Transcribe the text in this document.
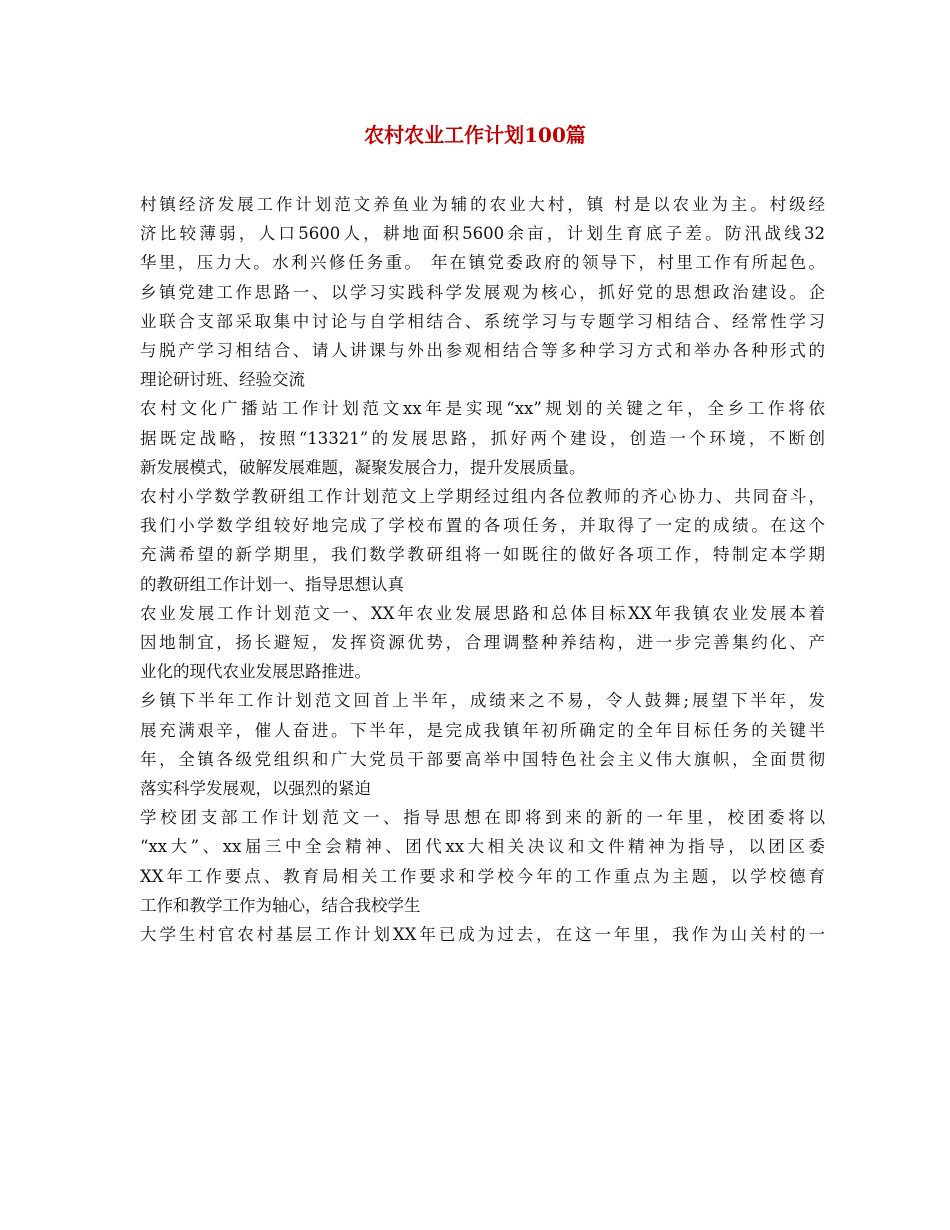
农村农业工作计划100篇
村镇经济发展工作计划范文养鱼业为辅的农业大村，镇 村是以农业为主。村级经
济比较薄弱，人口5600人，耕地面积5600余亩，计划生育底子差。防汛战线32
华里，压力大。水利兴修任务重。 年在镇党委政府的领导下，村里工作有所起色。
乡镇党建工作思路一、以学习实践科学发展观为核心，抓好党的思想政治建设。企
业联合支部采取集中讨论与自学相结合、系统学习与专题学习相结合、经常性学习
与脱产学习相结合、请人讲课与外出参观相结合等多种学习方式和举办各种形式的
理论研讨班、经验交流
农村文化广播站工作计划范文xx年是实现“xx”规划的关键之年，全乡工作将依
据既定战略，按照“13321”的发展思路，抓好两个建设，创造一个环境，不断创
新发展模式，破解发展难题，凝聚发展合力，提升发展质量。
农村小学数学教研组工作计划范文上学期经过组内各位教师的齐心协力、共同奋斗，
我们小学数学组较好地完成了学校布置的各项任务，并取得了一定的成绩。在这个
充满希望的新学期里，我们数学教研组将一如既往的做好各项工作，特制定本学期
的教研组工作计划一、指导思想认真
农业发展工作计划范文一、XX年农业发展思路和总体目标XX年我镇农业发展本着
因地制宜，扬长避短，发挥资源优势，合理调整种养结构，进一步完善集约化、产
业化的现代农业发展思路推进。
乡镇下半年工作计划范文回首上半年，成绩来之不易，令人鼓舞;展望下半年，发
展充满艰辛，催人奋进。下半年，是完成我镇年初所确定的全年目标任务的关键半
年，全镇各级党组织和广大党员干部要高举中国特色社会主义伟大旗帜，全面贯彻
落实科学发展观，以强烈的紧迫
学校团支部工作计划范文一、指导思想在即将到来的新的一年里，校团委将以
“xx大”、xx届三中全会精神、团代xx大相关决议和文件精神为指导，以团区委
XX年工作要点、教育局相关工作要求和学校今年的工作重点为主题，以学校德育
工作和教学工作为轴心，结合我校学生
大学生村官农村基层工作计划XX年已成为过去，在这一年里，我作为山关村的一
